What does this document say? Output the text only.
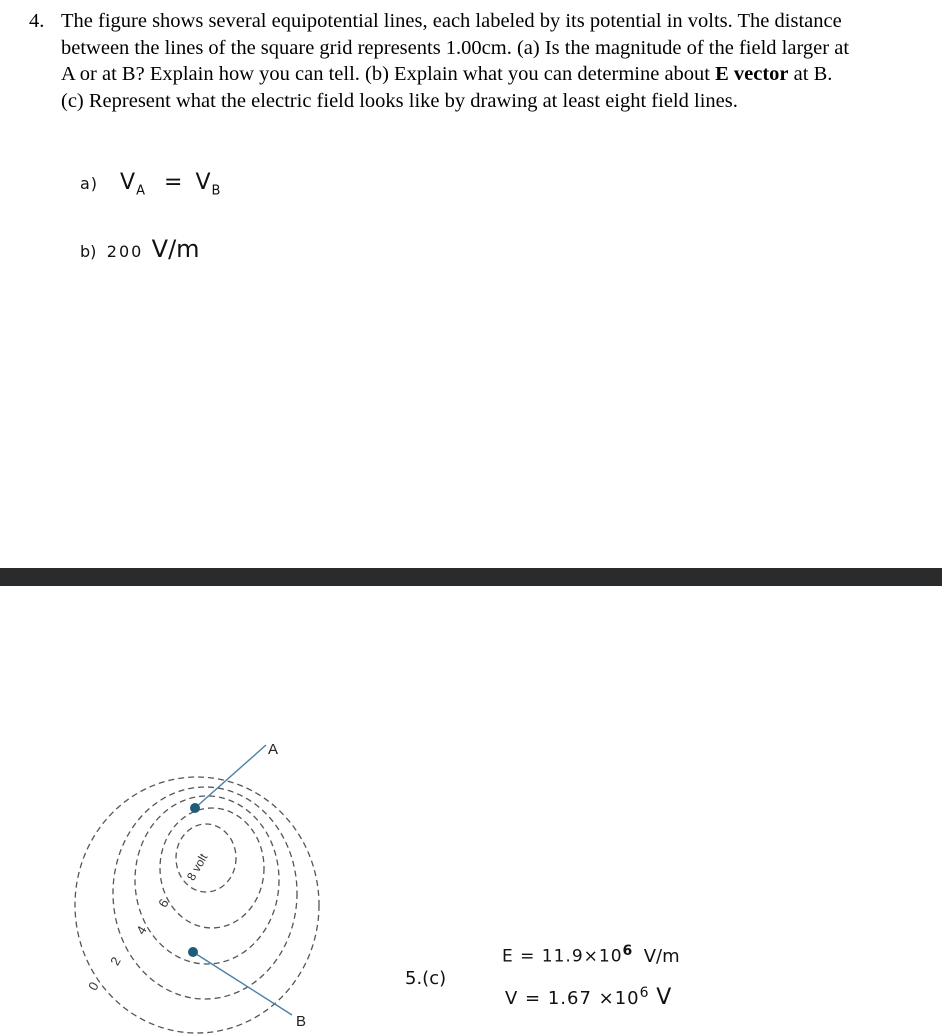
4. The figure shows several equipotential lines, each labeled by its potential in volts. The distance between the lines of the square grid represents 1.00cm. (a) Is the magnitude of the field larger at A or at B? Explain how you can tell. (b) Explain what you can determine about E vector at B. (c) Represent what the electric field looks like by drawing at least eight field lines.
a) $V_A = V_B$
b) 200 V/m
A
B
0
2
4
6
8 volt
5.(c)
$E = 11.9\times 10^6$ V/m
$V = 1.67 \times 10^6$ V
